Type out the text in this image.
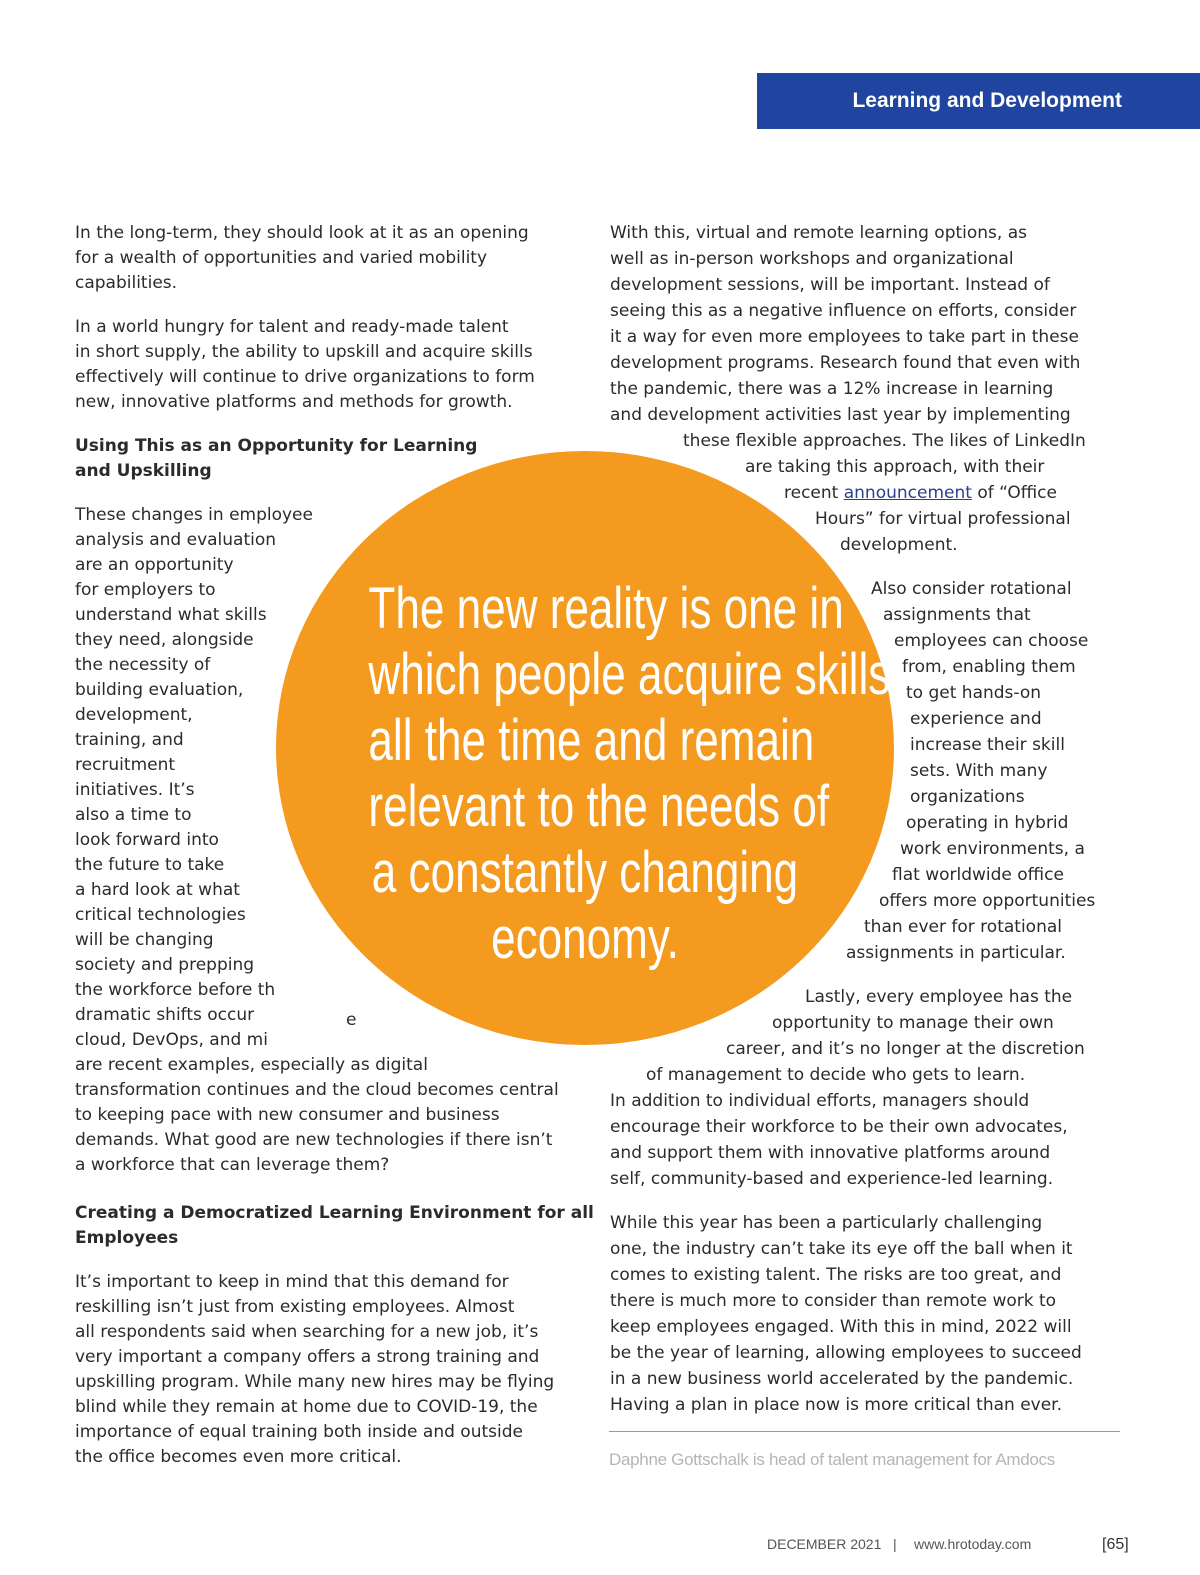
Learning and Development
In the long-term, they should look at it as an opening
for a wealth of opportunities and varied mobility
capabilities.
In a world hungry for talent and ready-made talent
in short supply, the ability to upskill and acquire skills
effectively will continue to drive organizations to form
new, innovative platforms and methods for growth.
Using This as an Opportunity for Learning
and Upskilling
These changes in employee
analysis and evaluation
are an opportunity
for employers to
understand what skills
they need, alongside
the necessity of
building evaluation,
development,
training, and
recruitment
initiatives. It’s
also a time to
look forward into
the future to take
a hard look at what
critical technologies
will be changing
society and prepping
the workforce before th
dramatic shifts occur
cloud, DevOps, and mi
are recent examples, especially as digital
transformation continues and the cloud becomes central
to keeping pace with new consumer and business
demands. What good are new technologies if there isn’t
a workforce that can leverage them?
Creating a Democratized Learning Environment for all
Employees
It’s important to keep in mind that this demand for
reskilling isn’t just from existing employees. Almost
all respondents said when searching for a new job, it’s
very important a company offers a strong training and
upskilling program. While many new hires may be flying
blind while they remain at home due to COVID-19, the
importance of equal training both inside and outside
the office becomes even more critical.
With this, virtual and remote learning options, as
well as in-person workshops and organizational
development sessions, will be important. Instead of
seeing this as a negative influence on efforts, consider
it a way for even more employees to take part in these
development programs. Research found that even with
the pandemic, there was a 12% increase in learning
and development activities last year by implementing
these flexible approaches. The likes of LinkedIn
are taking this approach, with their
recent announcement of “Office
Hours” for virtual professional
development.
Also consider rotational
assignments that
employees can choose
from, enabling them
to get hands-on
experience and
increase their skill
sets. With many
organizations
operating in hybrid
work environments, a
flat worldwide office
offers more opportunities
than ever for rotational
assignments in particular.
Lastly, every employee has the
opportunity to manage their own
career, and it’s no longer at the discretion
of management to decide who gets to learn.
In addition to individual efforts, managers should
encourage their workforce to be their own advocates,
and support them with innovative platforms around
self, community-based and experience-led learning.
While this year has been a particularly challenging
one, the industry can’t take its eye off the ball when it
comes to existing talent. The risks are too great, and
there is much more to consider than remote work to
keep employees engaged. With this in mind, 2022 will
be the year of learning, allowing employees to succeed
in a new business world accelerated by the pandemic.
Having a plan in place now is more critical than ever.
The new reality is one in
which people acquire skills
all the time and remain
relevant to the needs of
a constantly changing
economy.
e
Daphne Gottschalk is head of talent management for Amdocs
DECEMBER 2021 | www.hrotoday.com	[65]
